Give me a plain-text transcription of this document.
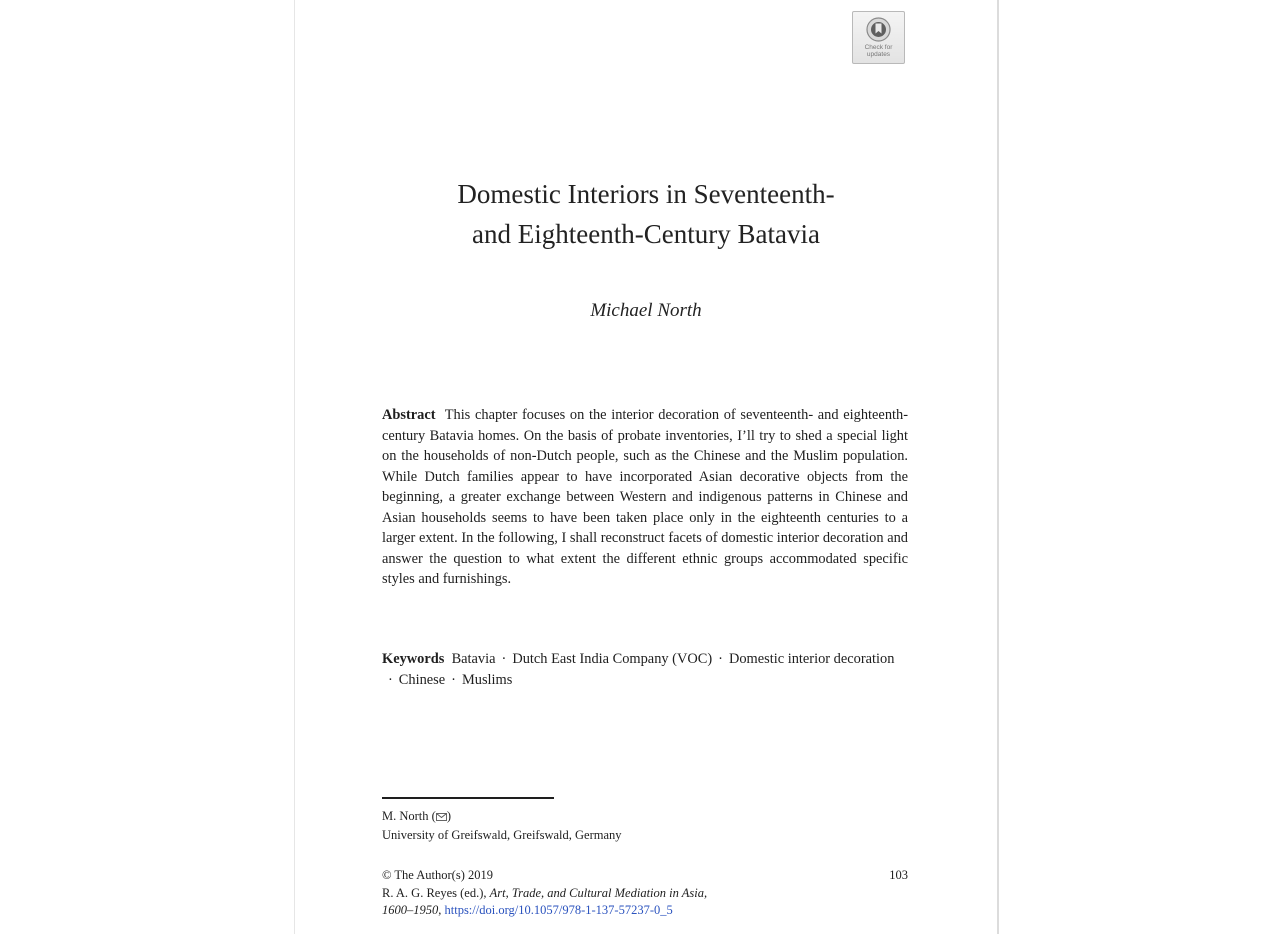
Check for
updates
Domestic Interiors in Seventeenth-
and Eighteenth-Century Batavia
Michael North
Abstract This chapter focuses on the interior decoration of seventeenth- and eighteenth-century Batavia homes. On the basis of probate inventories, I’ll try to shed a special light on the households of non-Dutch people, such as the Chinese and the Muslim population. While Dutch families appear to have incorporated Asian decorative objects from the beginning, a greater exchange between Western and indigenous patterns in Chinese and Asian households seems to have been taken place only in the eighteenth centuries to a larger extent. In the following, I shall reconstruct facets of domestic interior decoration and answer the question to what extent the different ethnic groups accommodated specific styles and furnishings.
Keywords Batavia · Dutch East India Company (VOC) · Domestic interior decoration· Chinese · Muslims
M. North ( )
University of Greifswald, Greifswald, Germany
© The Author(s) 2019
R. A. G. Reyes (ed.), Art, Trade, and Cultural Mediation in Asia,
1600–1950, https://doi.org/10.1057/978-1-137-57237-0_5
103
